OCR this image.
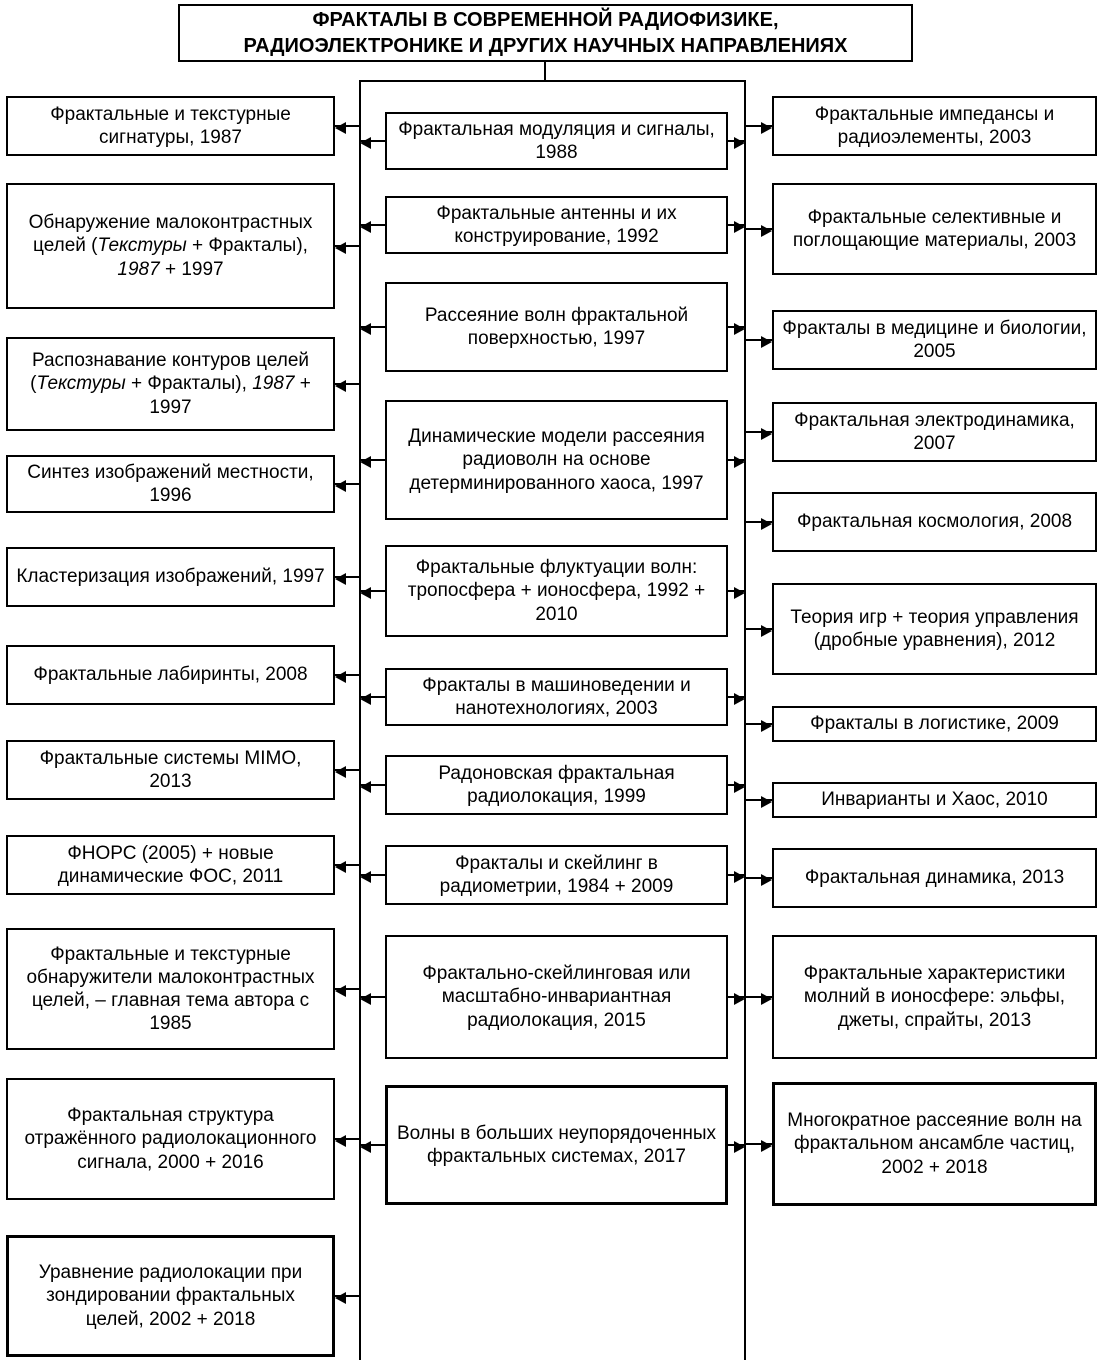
ФРАКТАЛЫ В СОВРЕМЕННОЙ РАДИОФИЗИКЕ,
РАДИОЭЛЕКТРОНИКЕ И ДРУГИХ НАУЧНЫХ НАПРАВЛЕНИЯХ
Фрактальные и текстурные сигнатуры, 1987
Обнаружение малоконтрастных целей (Текстуры + Фракталы), 1987 + 1997
Распознавание контуров целей (Текстуры + Фракталы), 1987 + 1997
Синтез изображений местности, 1996
Кластеризация изображений, 1997
Фрактальные лабиринты, 2008
Фрактальные системы MIMO, 2013
ФНОРС (2005) + новые динамические ФОС, 2011
Фрактальные и текстурные обнаружители малоконтрастных целей, – главная тема автора с 1985
Фрактальная структура отражённого радиолокационного сигнала, 2000 + 2016
Уравнение радиолокации при зондировании фрактальных целей, 2002 + 2018
Фрактальная модуляция и сигналы, 1988
Фрактальные антенны и их конструирование, 1992
Рассеяние волн фрактальной поверхностью, 1997
Динамические модели рассеяния радиоволн на основе детерминированного хаоса, 1997
Фрактальные флуктуации волн: тропосфера + ионосфера, 1992 + 2010
Фракталы в машиноведении и нанотехнологиях, 2003
Радоновская фрактальная радиолокация, 1999
Фракталы и скейлинг в радиометрии, 1984 + 2009
Фрактально-скейлинговая или масштабно-инвариантная радиолокация, 2015
Волны в больших неупорядоченных фрактальных системах, 2017
Фрактальные импедансы и радиоэлементы, 2003
Фрактальные селективные и поглощающие материалы, 2003
Фракталы в медицине и биологии, 2005
Фрактальная электродинамика, 2007
Фрактальная космология, 2008
Теория игр + теория управления (дробные уравнения), 2012
Фракталы в логистике, 2009
Инварианты и Хаос, 2010
Фрактальная динамика, 2013
Фрактальные характеристики молний в ионосфере: эльфы, джеты, спрайты, 2013
Многократное рассеяние волн на фрактальном ансамбле частиц, 2002 + 2018
